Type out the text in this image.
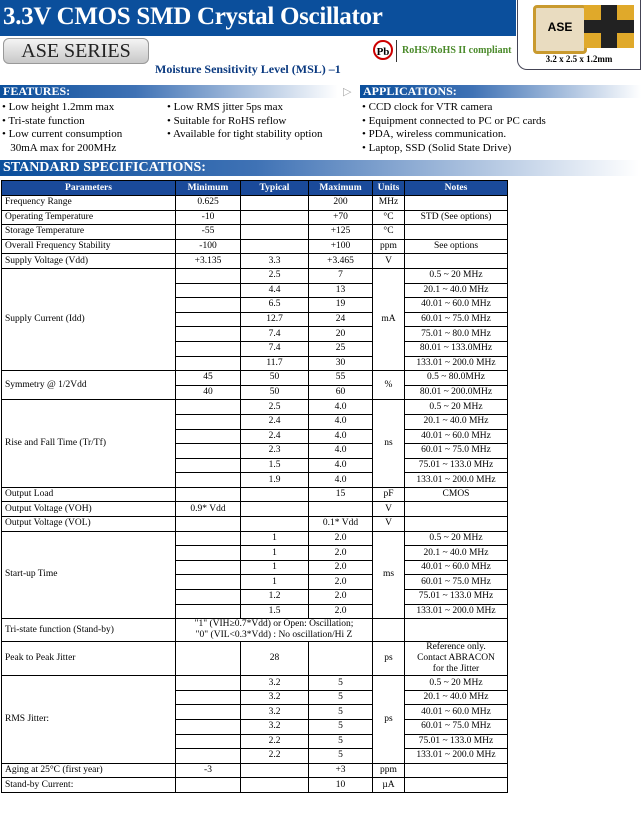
3.3V CMOS SMD Crystal Oscillator
ASE SERIES	Pb	RoHS/RoHS II compliant
Moisture Sensitivity Level (MSL) –1
ASE
3.2 x 2.5 x 1.2mm
FEATURES:	▷ APPLICATIONS:
• Low height 1.2mm max
• Tri-state function
• Low current consumption
30mA max for 200MHz
• Low RMS jitter 5ps max
• Suitable for RoHS reflow
• Available for tight stability option
• CCD clock for VTR camera
• Equipment connected to PC or PC cards
• PDA, wireless communication.
• Laptop, SSD (Solid State Drive)
STANDARD SPECIFICATIONS:
Parameters	Minimum	Typical	Maximum	Units	Notes
Frequency Range	0.625		200	MHz	
Operating Temperature	-10		+70	°C	STD (See options)
Storage Temperature	-55		+125	°C	
Overall Frequency Stability	-100		+100	ppm	See options
Supply Voltage (Vdd)	+3.135	3.3	+3.465	V	
Supply Current (Idd)		2.5	7	mA	0.5 ~ 20 MHz
		4.4	13		20.1 ~ 40.0 MHz
		6.5	19		40.01 ~ 60.0 MHz
		12.7	24		60.01 ~ 75.0 MHz
		7.4	20		75.01 ~ 80.0 MHz
		7.4	25		80.01 ~ 133.0MHz
		11.7	30		133.01 ~ 200.0 MHz
Symmetry @ 1/2Vdd	45	50	55	%	0.5 ~ 80.0MHz
	40	50	60		80.01 ~ 200.0MHz
Rise and Fall Time (Tr/Tf)		2.5	4.0	ns	0.5 ~ 20 MHz
		2.4	4.0		20.1 ~ 40.0 MHz
		2.4	4.0		40.01 ~ 60.0 MHz
		2.3	4.0		60.01 ~ 75.0 MHz
		1.5	4.0		75.01 ~ 133.0 MHz
		1.9	4.0		133.01 ~ 200.0 MHz
Output Load			15	pF	CMOS
Output Voltage (VOH)	0.9* Vdd			V	
Output Voltage (VOL)			0.1* Vdd	V	
Start-up Time		1	2.0	ms	0.5 ~ 20 MHz
		1	2.0		20.1 ~ 40.0 MHz
		1	2.0		40.01 ~ 60.0 MHz
		1	2.0		60.01 ~ 75.0 MHz
		1.2	2.0		75.01 ~ 133.0 MHz
		1.5	2.0		133.01 ~ 200.0 MHz
Tri-state function (Stand-by)	"1" (VIH≥0.7*Vdd) or Open: Oscillation;
"0" (VIL<0.3*Vdd) : No oscillation/Hi Z				
Peak to Peak Jitter		28		ps	Reference only.
Contact ABRACON
for the Jitter
RMS Jitter:		3.2	5	ps	0.5 ~ 20 MHz
		3.2	5		20.1 ~ 40.0 MHz
		3.2	5		40.01 ~ 60.0 MHz
		3.2	5		60.01 ~ 75.0 MHz
		2.2	5		75.01 ~ 133.0 MHz
		2.2	5		133.01 ~ 200.0 MHz
Aging at 25°C (first year)	-3		+3	ppm	
Stand-by Current:			10	µA	
